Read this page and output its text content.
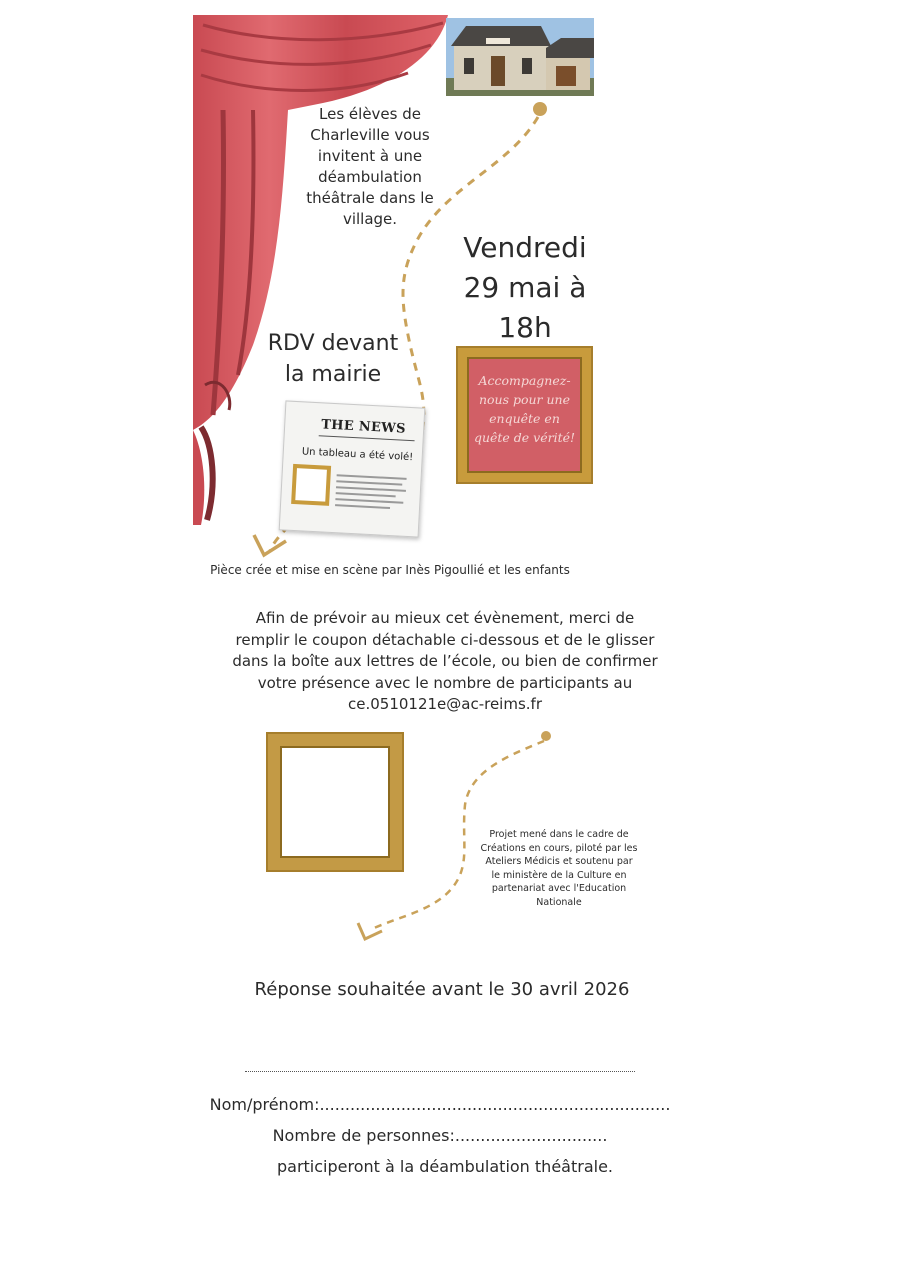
Les élèves de Charleville vous invitent à une déambulation théâtrale dans le village.
Vendredi 29 mai à 18h
RDV devant la mairie	Accompagnez-nous pour une enquête en quête de vérité!
THE NEWS
Un tableau a été volé!
Pièce crée et mise en scène par Inès Pigoullié et les enfants
Afin de prévoir au mieux cet évènement, merci de remplir le coupon détachable ci-dessous et de le glisser dans la boîte aux lettres de l’école, ou bien de confirmer votre présence avec le nombre de participants au ce.0510121e@ac-reims.fr
Projet mené dans le cadre de Créations en cours, piloté par les Ateliers Médicis et soutenu par le ministère de la Culture en partenariat avec l'Education Nationale
Réponse souhaitée avant le 30 avril 2026
Nom/prénom:.....................................................................
Nombre de personnes:..............................
participeront à la déambulation théâtrale.
